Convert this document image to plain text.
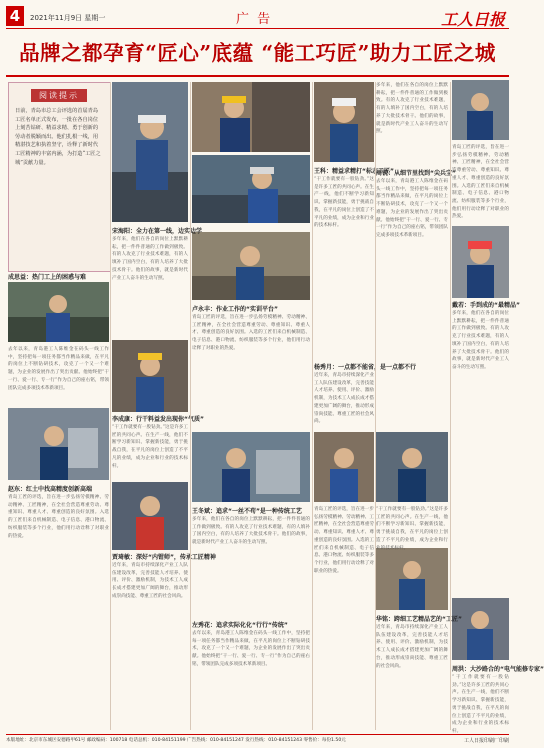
4	2021年11月9日 星期一	广 告	工人日报
品牌之都孕育“匠心”底蕴 “能工巧匠”助力工匠之城
阅读提示
日前，青岛市总工会评选的首届青岛工匠名单正式发布，一批在各自岗位上刻苦钻研、精益求精、勇于创新的劳动者脱颖而出。他们扎根一线，用精湛技艺和执着坚守，诠释了新时代工匠精神的丰富内涵，为打造“工匠之城”贡献力量。
成思益：热门工上的困惑与难
宋海阳：全力在第一线，边实边学
李成康：行干料益发出现你“气质”
贾琦敏：深好“内钳师”，传承工匠精神
卢永丰：作业工作的“实训平台”
王冬斌：追求“一丝不苟”是一种传统工艺
左秀花：追求实际化化“行行“传统”
王科：精益求精打“标志工匠”
杨秀月：一点都不能省，是一点都不行
周锐：从细节里找到“尖兵宝”
华铭：跨细工艺精品艺的“工匠”
赵东：红土中找高精度创新高端
戴若：手到成的“最精品”
周洪：大沙路合的“电气能修专家”
去年以来，青岛港工人陈维金在码头一线工作中，坚持把每一项任务都当作精品来做，在平凡的岗位上不断钻研技术，攻克了一个又一个难题，为企业的发展作出了突出贡献。他始终把“干一行、爱一行、专一行”作为自己的座右铭，带领团队完成多项技术革新项目。
青岛工匠的评选，旨在进一步弘扬劳模精神、劳动精神、工匠精神，在全社会营造尊重劳动、尊重知识、尊重人才、尊重创造的良好氛围。入选的工匠们来自机械制造、电子信息、港口物流、纺织服装等多个行业，他们用行动诠释了对职业的热爱。
多年来，他们在各自的岗位上默默耕耘，把一件件普通的工作做到极致。有的人攻克了行业技术难题，有的人填补了国内空白，有的人培养了大批技术骨干。他们的故事，就是新时代产业工人奋斗的生动写照。
“干工作就要有一股钻劲。”这是许多工匠的共同心声。在生产一线，他们不断学习新知识、掌握新技能，勇于挑战自我，在平凡的岗位上创造了不平凡的业绩，成为企业和行业的技术标杆。
近年来，青岛市持续深化产业工人队伍建设改革，完善技能人才培养、使用、评价、激励机制，为技术工人成长成才搭建更加广阔的舞台，推动形成崇尚技能、尊重工匠的社会风尚。
青岛工匠的评选，旨在进一步弘扬劳模精神、劳动精神、工匠精神，在全社会营造尊重劳动、尊重知识、尊重人才、尊重创造的良好氛围。入选的工匠们来自机械制造、电子信息、港口物流、纺织服装等多个行业，他们用行动诠释了对职业的热爱。
多年来，他们在各自的岗位上默默耕耘，把一件件普通的工作做到极致。有的人攻克了行业技术难题，有的人填补了国内空白，有的人培养了大批技术骨干。他们的故事，就是新时代产业工人奋斗的生动写照。
去年以来，青岛港工人陈维金在码头一线工作中，坚持把每一项任务都当作精品来做，在平凡的岗位上不断钻研技术，攻克了一个又一个难题，为企业的发展作出了突出贡献。他始终把“干一行、爱一行、专一行”作为自己的座右铭，带领团队完成多项技术革新项目。
“干工作就要有一股钻劲。”这是许多工匠的共同心声。在生产一线，他们不断学习新知识、掌握新技能，勇于挑战自我，在平凡的岗位上创造了不平凡的业绩，成为企业和行业的技术标杆。
近年来，青岛市持续深化产业工人队伍建设改革，完善技能人才培养、使用、评价、激励机制，为技术工人成长成才搭建更加广阔的舞台，推动形成崇尚技能、尊重工匠的社会风尚。
青岛工匠的评选，旨在进一步弘扬劳模精神、劳动精神、工匠精神，在全社会营造尊重劳动、尊重知识、尊重人才、尊重创造的良好氛围。入选的工匠们来自机械制造、电子信息、港口物流、纺织服装等多个行业，他们用行动诠释了对职业的热爱。
多年来，他们在各自的岗位上默默耕耘，把一件件普通的工作做到极致。有的人攻克了行业技术难题，有的人填补了国内空白，有的人培养了大批技术骨干。他们的故事，就是新时代产业工人奋斗的生动写照。
去年以来，青岛港工人陈维金在码头一线工作中，坚持把每一项任务都当作精品来做，在平凡的岗位上不断钻研技术，攻克了一个又一个难题，为企业的发展作出了突出贡献。他始终把“干一行、爱一行、专一行”作为自己的座右铭，带领团队完成多项技术革新项目。
“干工作就要有一股钻劲。”这是许多工匠的共同心声。在生产一线，他们不断学习新知识、掌握新技能，勇于挑战自我，在平凡的岗位上创造了不平凡的业绩，成为企业和行业的技术标杆。
近年来，青岛市持续深化产业工人队伍建设改革，完善技能人才培养、使用、评价、激励机制，为技术工人成长成才搭建更加广阔的舞台，推动形成崇尚技能、尊重工匠的社会风尚。
青岛工匠的评选，旨在进一步弘扬劳模精神、劳动精神、工匠精神，在全社会营造尊重劳动、尊重知识、尊重人才、尊重创造的良好氛围。入选的工匠们来自机械制造、电子信息、港口物流、纺织服装等多个行业，他们用行动诠释了对职业的热爱。
多年来，他们在各自的岗位上默默耕耘，把一件件普通的工作做到极致。有的人攻克了行业技术难题，有的人填补了国内空白，有的人培养了大批技术骨干。他们的故事，就是新时代产业工人奋斗的生动写照。
“干工作就要有一股钻劲。”这是许多工匠的共同心声。在生产一线，他们不断学习新知识、掌握新技能，勇于挑战自我，在平凡的岗位上创造了不平凡的业绩，成为企业和行业的技术标杆。
本版地址：北京市东城区安德路甲61号 邮政编码：100718 电话总机：010-84151199 广告热线：010-84151247 发行热线：010-84151243 零售价：每份1.50元	工人日报印刷厂印刷
